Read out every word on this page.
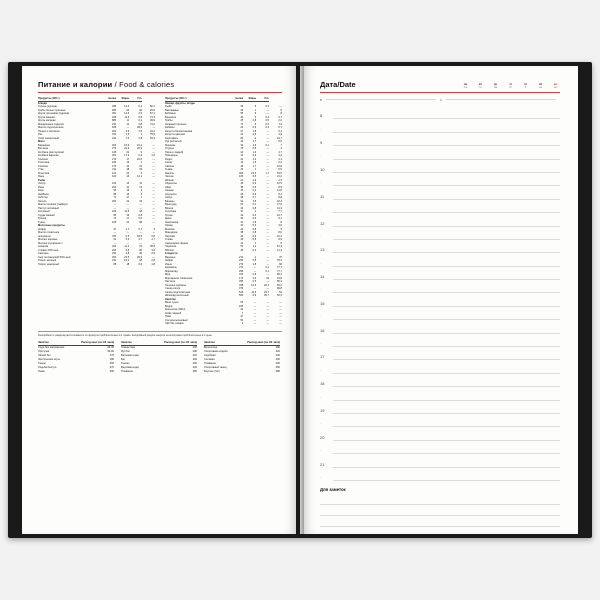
Питание и калории / Food & calories
Продукты (100 г)	Белки	Жиры	Угл.	
Блюда				
Голень (курица)	396	12,4	0,4	82,1
Грибы белые сушеные	286	34	06	29,5
Крупа гречневая (ядрица)	301	12,5	2,5	57,1
Крупа манная	328	11,3	0,8	73,3
Крупа овсяная	884	11	6,1	49,9
Макаронные изделия	331	11	0,8	74,2
Масло подсолнечное	628	—	99,9	—
Пшено с молоком	202	4,9	2,5	16,4
Рис	331	7,5	1	75,8
Хлеб пшеничный	242	7,9	0,8	53,4
Мясо				
Баранина	209	15,6	16,3	—
Ветчина	279	22,6	20,9	—
Колбаса (докторская)	126	22	9	—
Колбаса вареная	301	17,9	6,4	1,6
Сосиски	279	17	20,5	—
Телятина	182	19	1	—
Сосиски	176	10	31	—
Утка	211	18	33	—
Ягнятина	120	22	6	—
Язык	163	16	12,1	—
Рыба				
Осётр	163	16	11	—
Икра	203	31	13	—
Карп	96	16	3	—
Камбала	88	16	3	—
Лобстер	71	17	1	—
Лосось	203	21	15	—
Масло печёнки (тайфун)	—	—	—	—
Палтус копчёный	—	—	—	—
копчёный	204	11,5	18	—
Судак свежий	86	19	0,8	—
Треска	71	17	0,6	—
Тунец	108	22	08	—
Молочные продукты				
Кефир	47	1,1	0,7	3
Масло сливочное	—	—	—	—
несолёное	781	0,5	83,5	0,8
Молоко коровье	61	3,2	3,7	4,7
Молоко сгущённое с	—	—	—	—
сахаром	324	11,2	16	35,8
Сливки 20%-ные	206	2,8	20	3,6
Сметана	290	2,8	30	2,9
Сыр голландский 50%-ный	361	23,5	30,9	—
Творог жирный	232	15,4	18	2,8
Творог нежирный	88	18	0,6	1,8
Продукты (100 г)	Белки	Жиры	Угл.	
Овощи, фрукты, ягоды				
Рыба	39	5	0,3	—
Баклажаны	28	1	—	6
Бобовые	58	6	—	8
Брокколи	33	3	0,4	5,7
Грибы	25	2,8	0,5	2,2
Зелёный горошек	72	5	0,2	13
Кабачки	24	0,6	0,3	5,7
Капуста белокочанная	27	1,8	—	5,4
Капуста цветная	29	2,5	—	4,9
Картофель	83	2	—	19,7
Лук репчатый	43	1,7	—	9,5
Морковь	33	1,3	0,1	7
Огурцы	15	0,8	—	3
Перец сладкий	23	1,3	—	4,7
Помидоры	19	0,6	—	4,2
Редис	20	1,2	—	4,1
Салат	14	1,5	—	2,2
Свёкла	48	1,7	—	10,8
Тыква	29	1	—	6,5
Фасоль	309	22,3	1,7	54,5
Чеснок	106	6,5	—	21,2
Шпинат	21	2,9	—	2,3
Абрикосы	46	0,9	—	10,5
Айва	38	0,6	—	8,9
Ананас	48	0,4	—	11,8
Апельсин	38	0,9	—	8,4
Арбуз	38	0,7	—	8,8
Бананы	91	1,5	—	22,4
Виноград	69	0,4	—	17,5
Вишня	49	0,8	—	11,3
Голубика	37	1	—	7,7
Груша	42	0,4	—	10,7
Дыня	39	0,6	—	9,1
Земляника	41	1,8	—	8
Лимон	31	0,9	—	3,6
Малина	41	0,8	—	9
Мандарин	38	0,8	—	8,6
Персики	44	0,9	—	10,4
Слива	43	0,8	—	9,9
Смородина чёрная	40	1	—	8
Черешня	52	1,1	—	12,3
Яблоки	46	0,4	—	11,3
Сладости				
Варенье	272	1	—	70
Зефир	299	0,8	—	78,3
Изюм	279	1,8	—	66
Карамель	370	—	0,1	77,7
Мармелад	296	—	0,1	77,7
Мёд	314	0,8	—	80,3
Мороженое сливочное	179	3,3	10	19,8
Пастила	305	0,5	—	80,4
Печенье сдобное	458	10,5	20,2	50,2
Сахар-песок	379	—	—	99,8
Халва подсолнечная	516	11,6	29,7	54
Шоколад молочный	550	6,9	35,7	52,4
Напитки				
Вино сухое	65	—	—	—
Водка	235	—	—	—
Кока-кола (100л)	42	—	—	—
Кофе чёрный	7	—	—	—
Пиво	47	—	—	—
Сок апельсиновый	54	—	—	—
Чай без сахара	3	—	—	—
Калорийность рациона рассчитывается по формуле приблизительно в 1 грамм. Калорийный рацион энергии на килограмм приблизительно в 1 день.
Занятие	Расход ккал (за 1/2 часа)
Сидя без напряжения	26-30
Прогулка	40-60
Лёгкий бег	170
Эротические игры	190
Танцы	250
Ходьба быстро	270
Лыжи	300
Занятие	Расход ккал (за 1/2 часа)
Гимнастика	200
Футбол	300
Верховая езда	220
Бег	300
Теннис	400
Верховая езда	220
Плавание	450
Занятие	Расход ккал (за 1/2 часа)
Велосипед	390
Спортивная ходьба	320
Аэробика	400
Силовая	400
Плавание	430
Спортивный танец	350
Боулинг (бег)	380
Дата/Date	пн
mo
вт
tu
ср
we
чт
th
пт
fr
сб
sa
вс
su
Б	С
8
·
9
·
10
·
11
·
12
·
13
·
14
·
15
·
16
·
17
·
18
·
19
·
20
·
21
·
Для заметок
